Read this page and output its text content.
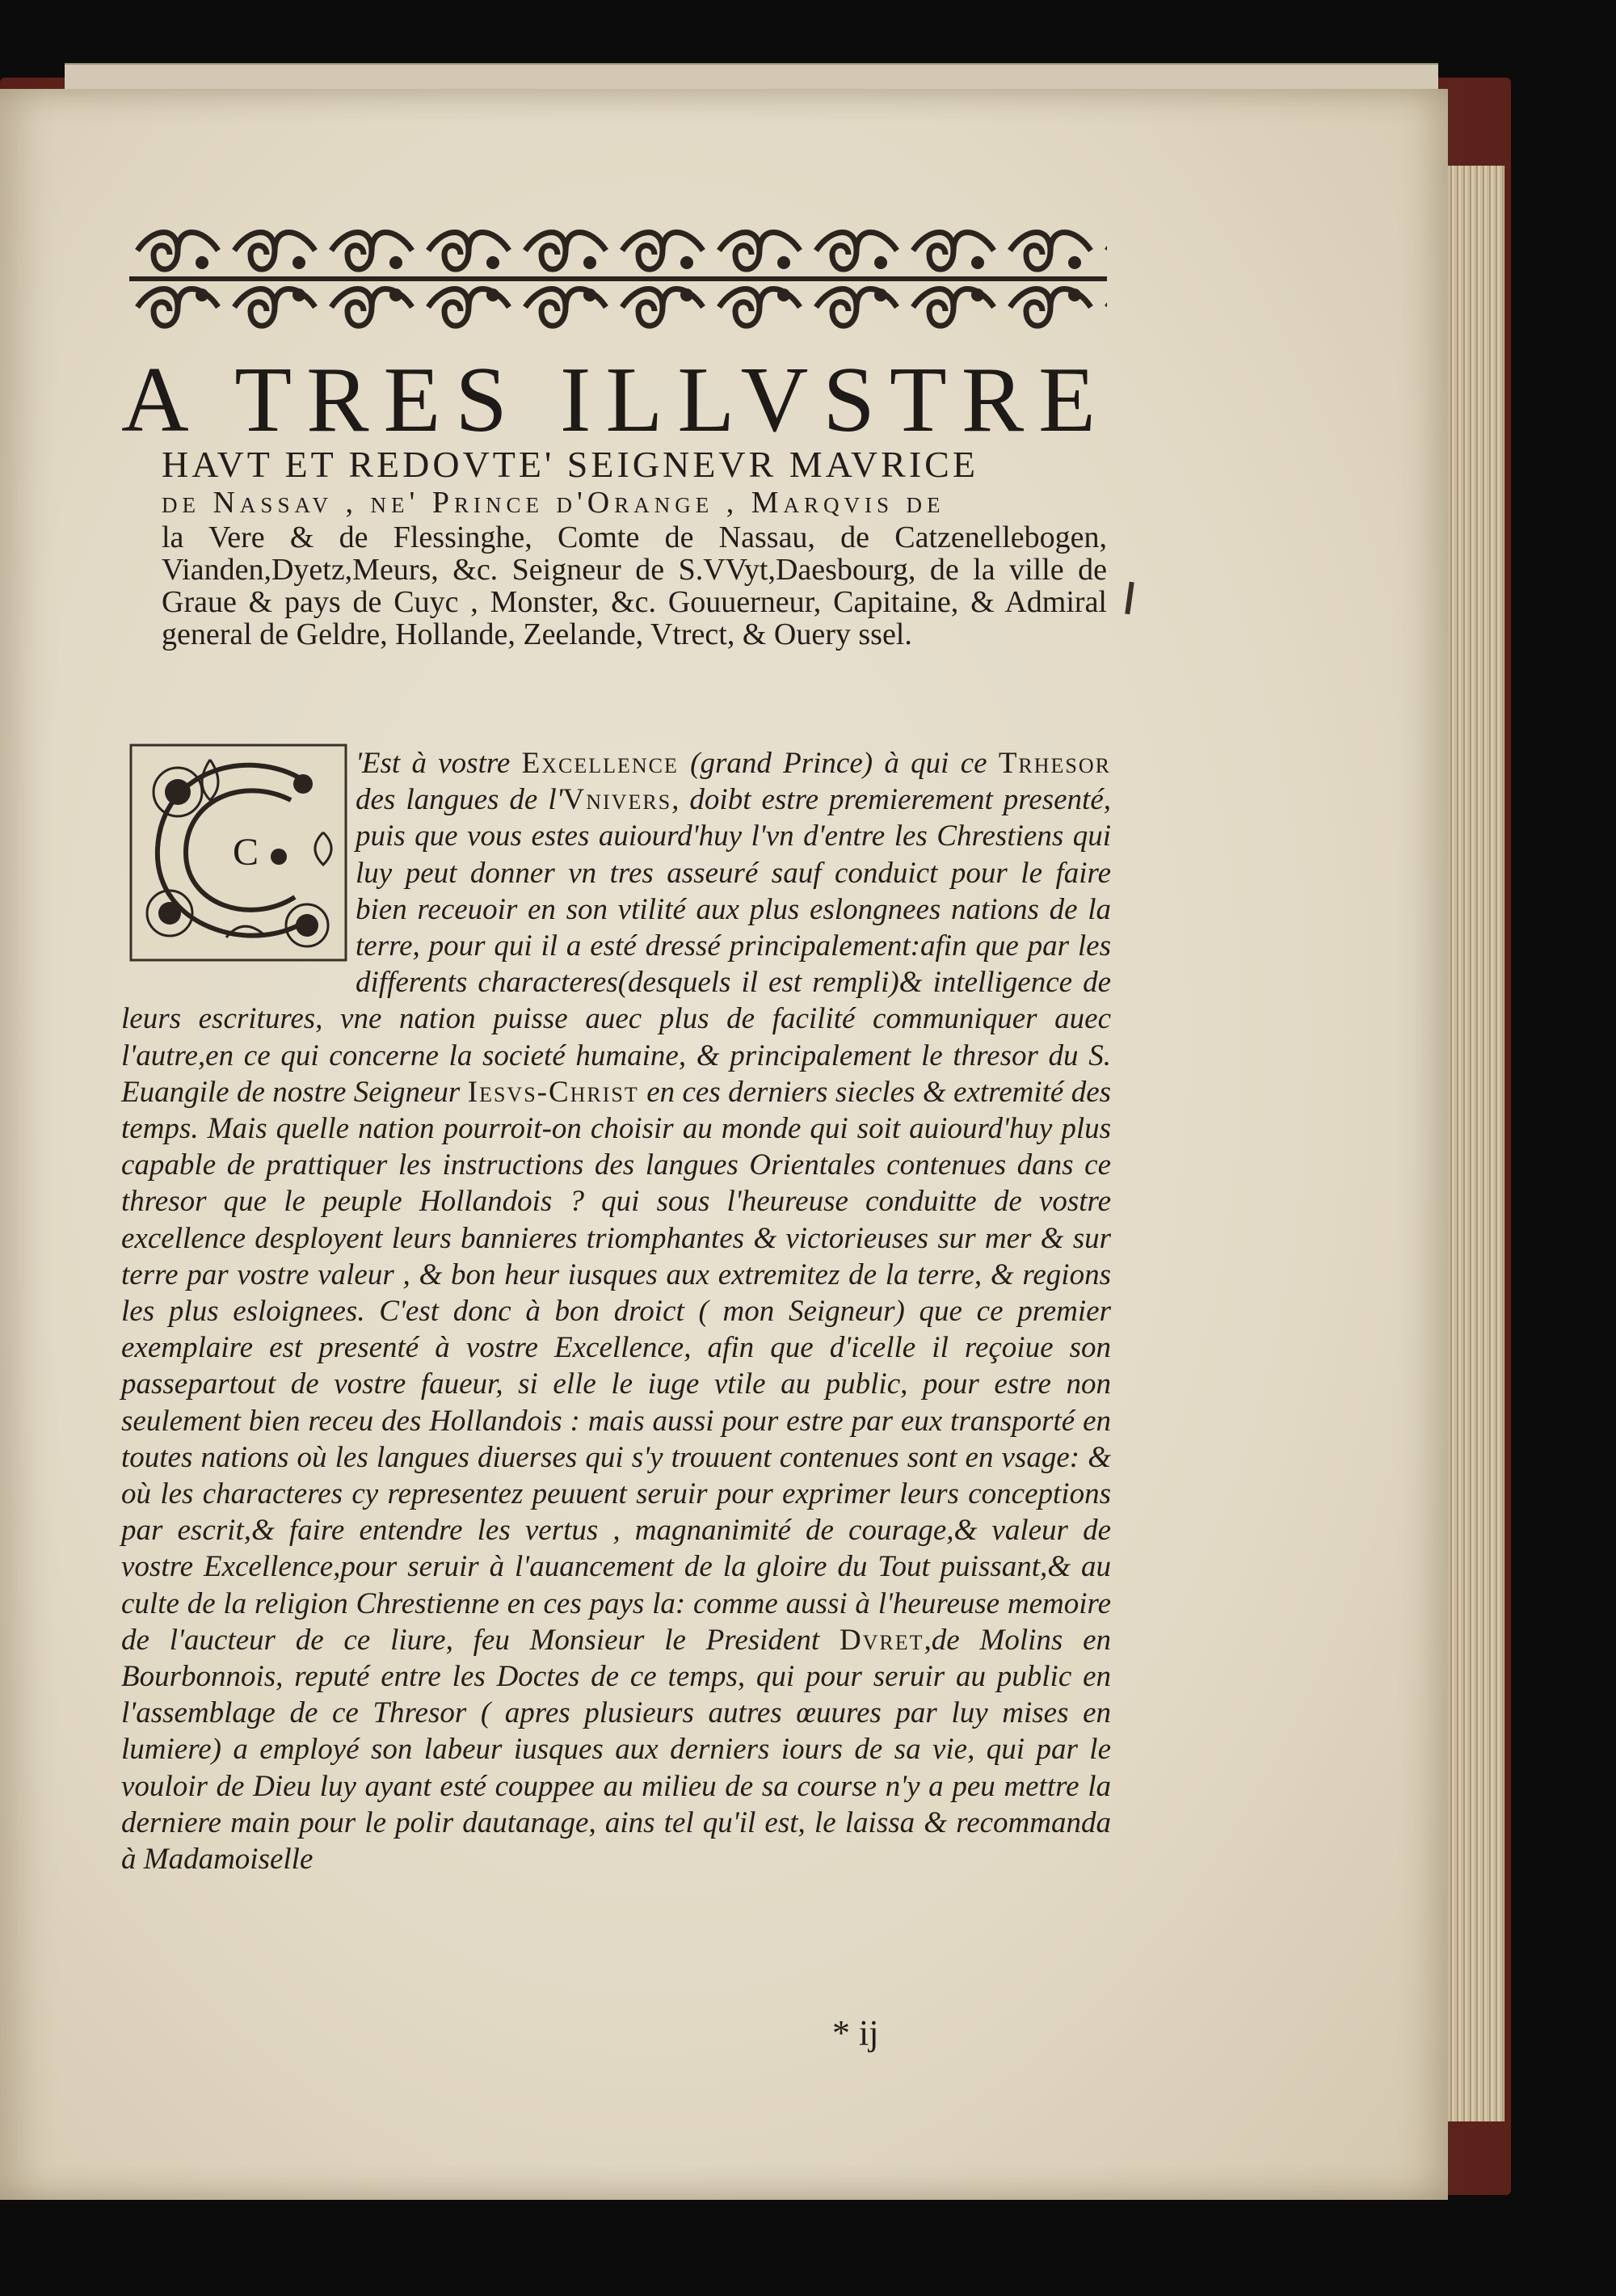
A TRES ILLVSTRE
HAVT ET REDOVTE' SEIGNEVR MAVRICE
de Nassav , ne' Prince d'Orange , Marqvis de
la Vere & de Flessinghe, Comte de Nassau, de Catzenellebogen, Vianden,Dyetz,Meurs, &c. Seigneur de S.VVyt,Daesbourg, de la ville de Graue & pays de Cuyc , Monster, &c. Gouuerneur, Capitaine, & Admiral general de Geldre, Hollande, Zeelande, Vtrect, & Ouery ssel.
C
'Est à vostre Excellence (grand Prince) à qui ce Trhesor des langues de l'Vnivers, doibt estre premierement presenté, puis que vous estes auiourd'huy l'vn d'entre les Chrestiens qui luy peut donner vn tres asseuré sauf conduict pour le faire bien receuoir en son vtilité aux plus eslongnees nations de la terre, pour qui il a esté dressé principalement:afin que par les differents characteres(desquels il est rempli)& intelligence de leurs escritures, vne nation puisse auec plus de facilité communiquer auec l'autre,en ce qui concerne la societé humaine, & principalement le thresor du S. Euangile de nostre Seigneur Iesvs-Christ en ces derniers siecles & extremité des temps. Mais quelle nation pourroit-on choisir au monde qui soit auiourd'huy plus capable de prattiquer les instructions des langues Orientales contenues dans ce thresor que le peuple Hollandois ? qui sous l'heureuse conduitte de vostre excellence desployent leurs bannieres triomphantes & victorieuses sur mer & sur terre par vostre valeur , & bon heur iusques aux extremitez de la terre, & regions les plus esloignees. C'est donc à bon droict ( mon Seigneur) que ce premier exemplaire est presenté à vostre Excellence, afin que d'icelle il reçoiue son passepartout de vostre faueur, si elle le iuge vtile au public, pour estre non seulement bien receu des Hollandois : mais aussi pour estre par eux transporté en toutes nations où les langues diuerses qui s'y trouuent contenues sont en vsage: & où les characteres cy representez peuuent seruir pour exprimer leurs conceptions par escrit,& faire entendre les vertus , magnanimité de courage,& valeur de vostre Excellence,pour seruir à l'auancement de la gloire du Tout puissant,& au culte de la religion Chrestienne en ces pays la: comme aussi à l'heureuse memoire de l'aucteur de ce liure, feu Monsieur le President Dvret,de Molins en Bourbonnois, reputé entre les Doctes de ce temps, qui pour seruir au public en l'assemblage de ce Thresor ( apres plusieurs autres œuures par luy mises en lumiere) a employé son labeur iusques aux derniers iours de sa vie, qui par le vouloir de Dieu luy ayant esté couppee au milieu de sa course n'y a peu mettre la derniere main pour le polir dautanage, ains tel qu'il est, le laissa & recommanda à Madamoiselle
* ij
